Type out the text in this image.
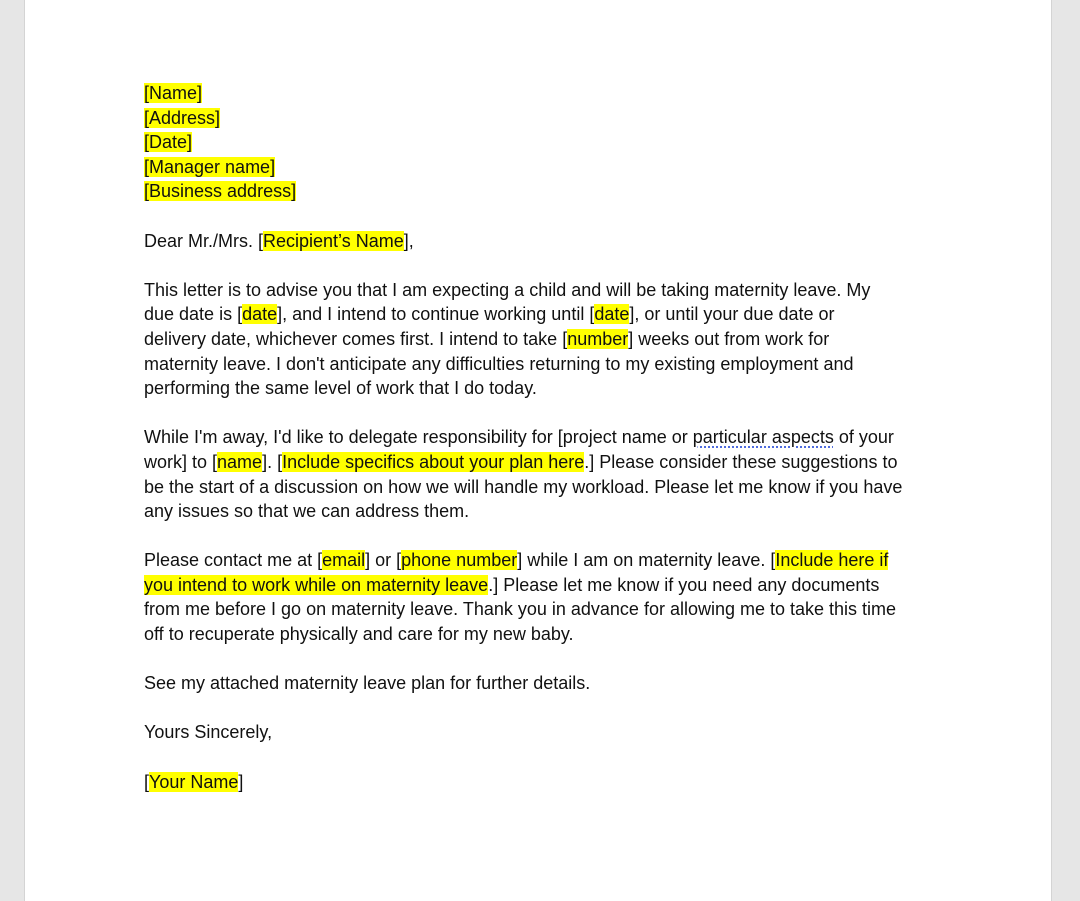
[Name]
[Address]
[Date]
[Manager name]
[Business address]
Dear Mr./Mrs. [Recipient’s Name],
This letter is to advise you that I am expecting a child and will be taking maternity leave. My
due date is [date], and I intend to continue working until [date], or until your due date or
delivery date, whichever comes first. I intend to take [number] weeks out from work for
maternity leave. I don't anticipate any difficulties returning to my existing employment and
performing the same level of work that I do today.
While I'm away, I'd like to delegate responsibility for [project name or particular aspects of your
work] to [name]. [Include specifics about your plan here.] Please consider these suggestions to
be the start of a discussion on how we will handle my workload. Please let me know if you have
any issues so that we can address them.
Please contact me at [email] or [phone number] while I am on maternity leave. [Include here if
you intend to work while on maternity leave.] Please let me know if you need any documents
from me before I go on maternity leave. Thank you in advance for allowing me to take this time
off to recuperate physically and care for my new baby.
See my attached maternity leave plan for further details.
Yours Sincerely,
[Your Name]
